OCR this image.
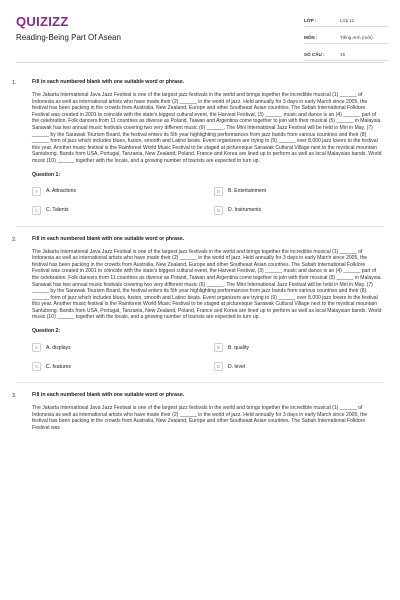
QUIZIZZ
Reading-Being Part Of Asean
LỚP :	Lớp 11
MÔN :	Tiếng Anh (mới)
SỐ CÂU :	15
1.	Fill in each numbered blank with one suitable word or phrase.
The Jakarta International Java Jazz Festival is one of the largest jazz festivals in the world and brings together the incredible musical (1) ______ of Indonesia as well as international artists who have made their (2) ______ in the world of jazz. Held annually for 3 days in early March since 2005, the festival has been packing in the crowds from Australia, New Zealand, Europe and other Southeast Asian countries. The Sabah International Folklore Festival was created in 2001 to coincide with the state's biggest cultural event, the Harvest Festival, (3) ______ music and dance is an (4) ______ part of the celebration. Folk dancers from 11 countries as diverse as Poland, Taiwan and Argentina come together to join with their musical (5) ______ in Malaysia. Sarawak has two annual music festivals covering two very different music (6) ______. The Mini International Jazz Festival will be held in Miri in May. (7) ______ by the Sarawak Tourism Board, the festival enters its 5th year highlighting performances from jazz bands from various countries and their (8) ______ form of jazz which includes blues, fusion, smooth and Latino beats. Event organizers are trying to (9) ______ over 8,000 jazz lovers to the festival this year. Another music festival is the Rainforest World Music Festival to be staged at picturesque Sarawak Cultural Village next to the mystical mountain Santubong. Bands from USA, Portugal, Tanzania, New Zealand, Poland, France and Korea are lined up to perform as well as local Malaysian bands. World music (10) ______ together with the locals, and a growing number of tourists are expected to turn up.
Question 1:
A	A. Attractions	B	B. Entertainment
C	C. Talents	D	D. Instruments
2.	Fill in each numbered blank with one suitable word or phrase.
The Jakarta International Java Jazz Festival is one of the largest jazz festivals in the world and brings together the incredible musical (1) ______ of Indonesia as well as international artists who have made their (2) ______ in the world of jazz. Held annually for 3 days in early March since 2005, the festival has been packing in the crowds from Australia, New Zealand, Europe and other Southeast Asian countries. The Sabah International Folklore Festival was created in 2001 to coincide with the state's biggest cultural event, the Harvest Festival, (3) ______ music and dance is an (4) ______ part of the celebration. Folk dancers from 11 countries as diverse as Poland, Taiwan and Argentina come together to join with their musical (5) ______ in Malaysia. Sarawak has two annual music festivals covering two very different music (6) ______. The Mini International Jazz Festival will be held in Miri in May. (7) ______ by the Sarawak Tourism Board, the festival enters its 5th year highlighting performances from jazz bands from various countries and their (8) ______ form of jazz which includes blues, fusion, smooth and Latino beats. Event organizers are trying to (9) ______ over 8,000 jazz lovers to the festival this year. Another music festival is the Rainforest World Music Festival to be staged at picturesque Sarawak Cultural Village next to the mystical mountain Santubong. Bands from USA, Portugal, Tanzania, New Zealand, Poland, France and Korea are lined up to perform as well as local Malaysian bands. World music (10) ______ together with the locals, and a growing number of tourists are expected to turn up.
Question 2:
A	A. displays	B	B. quality
C	C. features	D	D. level
3.	Fill in each numbered blank with one suitable word or phrase.
The Jakarta International Java Jazz Festival is one of the largest jazz festivals in the world and brings together the incredible musical (1) ______ of Indonesia as well as international artists who have made their (2) ______ in the world of jazz. Held annually for 3 days in early March since 2005, the festival has been packing in the crowds from Australia, New Zealand, Europe and other Southeast Asian countries. The Sabah International Folklore Festival was
